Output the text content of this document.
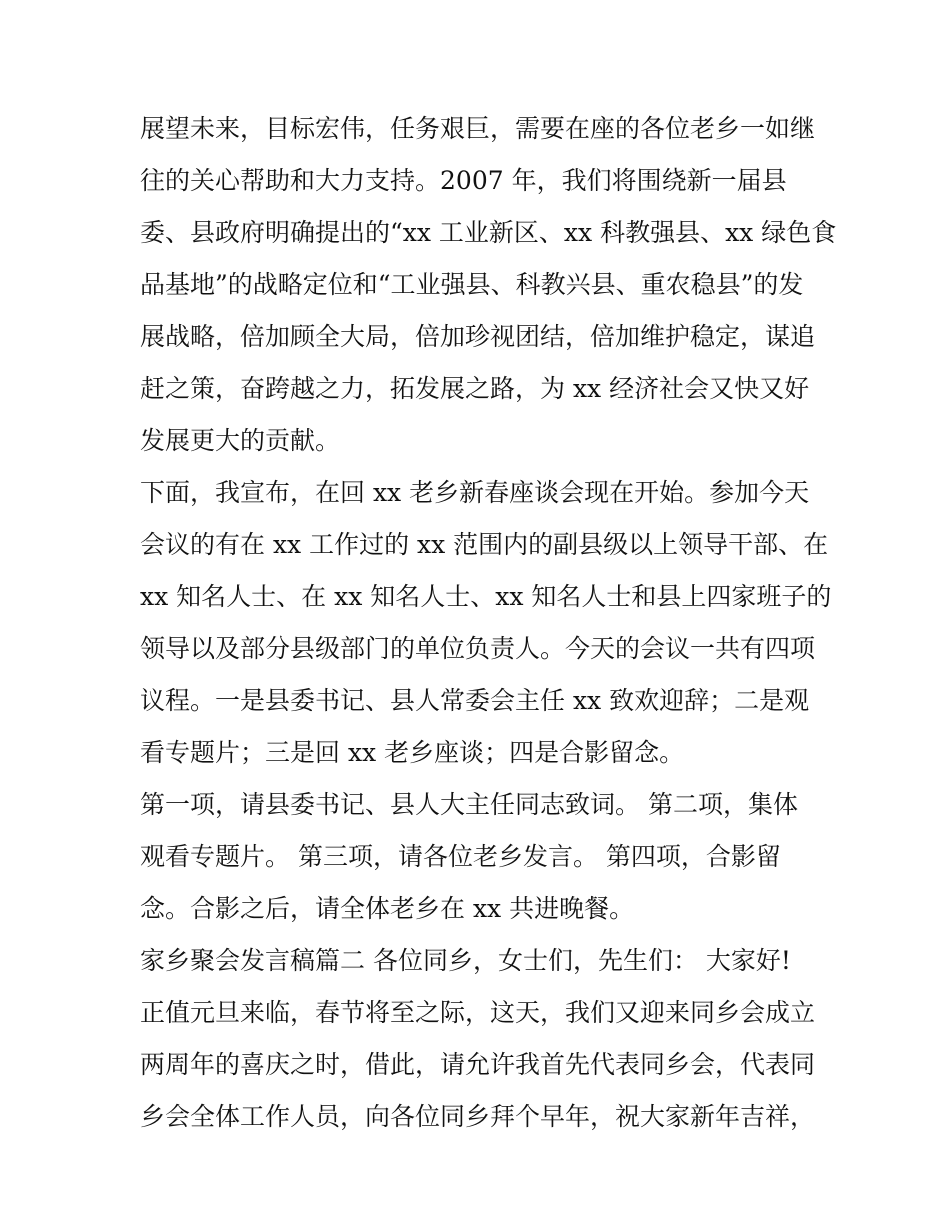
展望未来，目标宏伟，任务艰巨，需要在座的各位老乡一如继
往的关心帮助和大力支持。2007 年，我们将围绕新一届县
委、县政府明确提出的“xx 工业新区、xx 科教强县、xx 绿色食
品基地”的战略定位和“工业强县、科教兴县、重农稳县”的发
展战略，倍加顾全大局，倍加珍视团结，倍加维护稳定，谋追
赶之策，奋跨越之力，拓发展之路，为 xx 经济社会又快又好
发展更大的贡献。
下面，我宣布，在回 xx 老乡新春座谈会现在开始。参加今天
会议的有在 xx 工作过的 xx 范围内的副县级以上领导干部、在
xx 知名人士、在 xx 知名人士、xx 知名人士和县上四家班子的
领导以及部分县级部门的单位负责人。今天的会议一共有四项
议程。一是县委书记、县人常委会主任 xx 致欢迎辞；二是观
看专题片；三是回 xx 老乡座谈；四是合影留念。
第一项，请县委书记、县人大主任同志致词。 第二项，集体
观看专题片。 第三项，请各位老乡发言。 第四项，合影留
念。合影之后，请全体老乡在 xx 共进晚餐。
家乡聚会发言稿篇二 各位同乡，女士们，先生们： 大家好!
正值元旦来临，春节将至之际，这天，我们又迎来同乡会成立
两周年的喜庆之时，借此，请允许我首先代表同乡会，代表同
乡会全体工作人员，向各位同乡拜个早年，祝大家新年吉祥，
